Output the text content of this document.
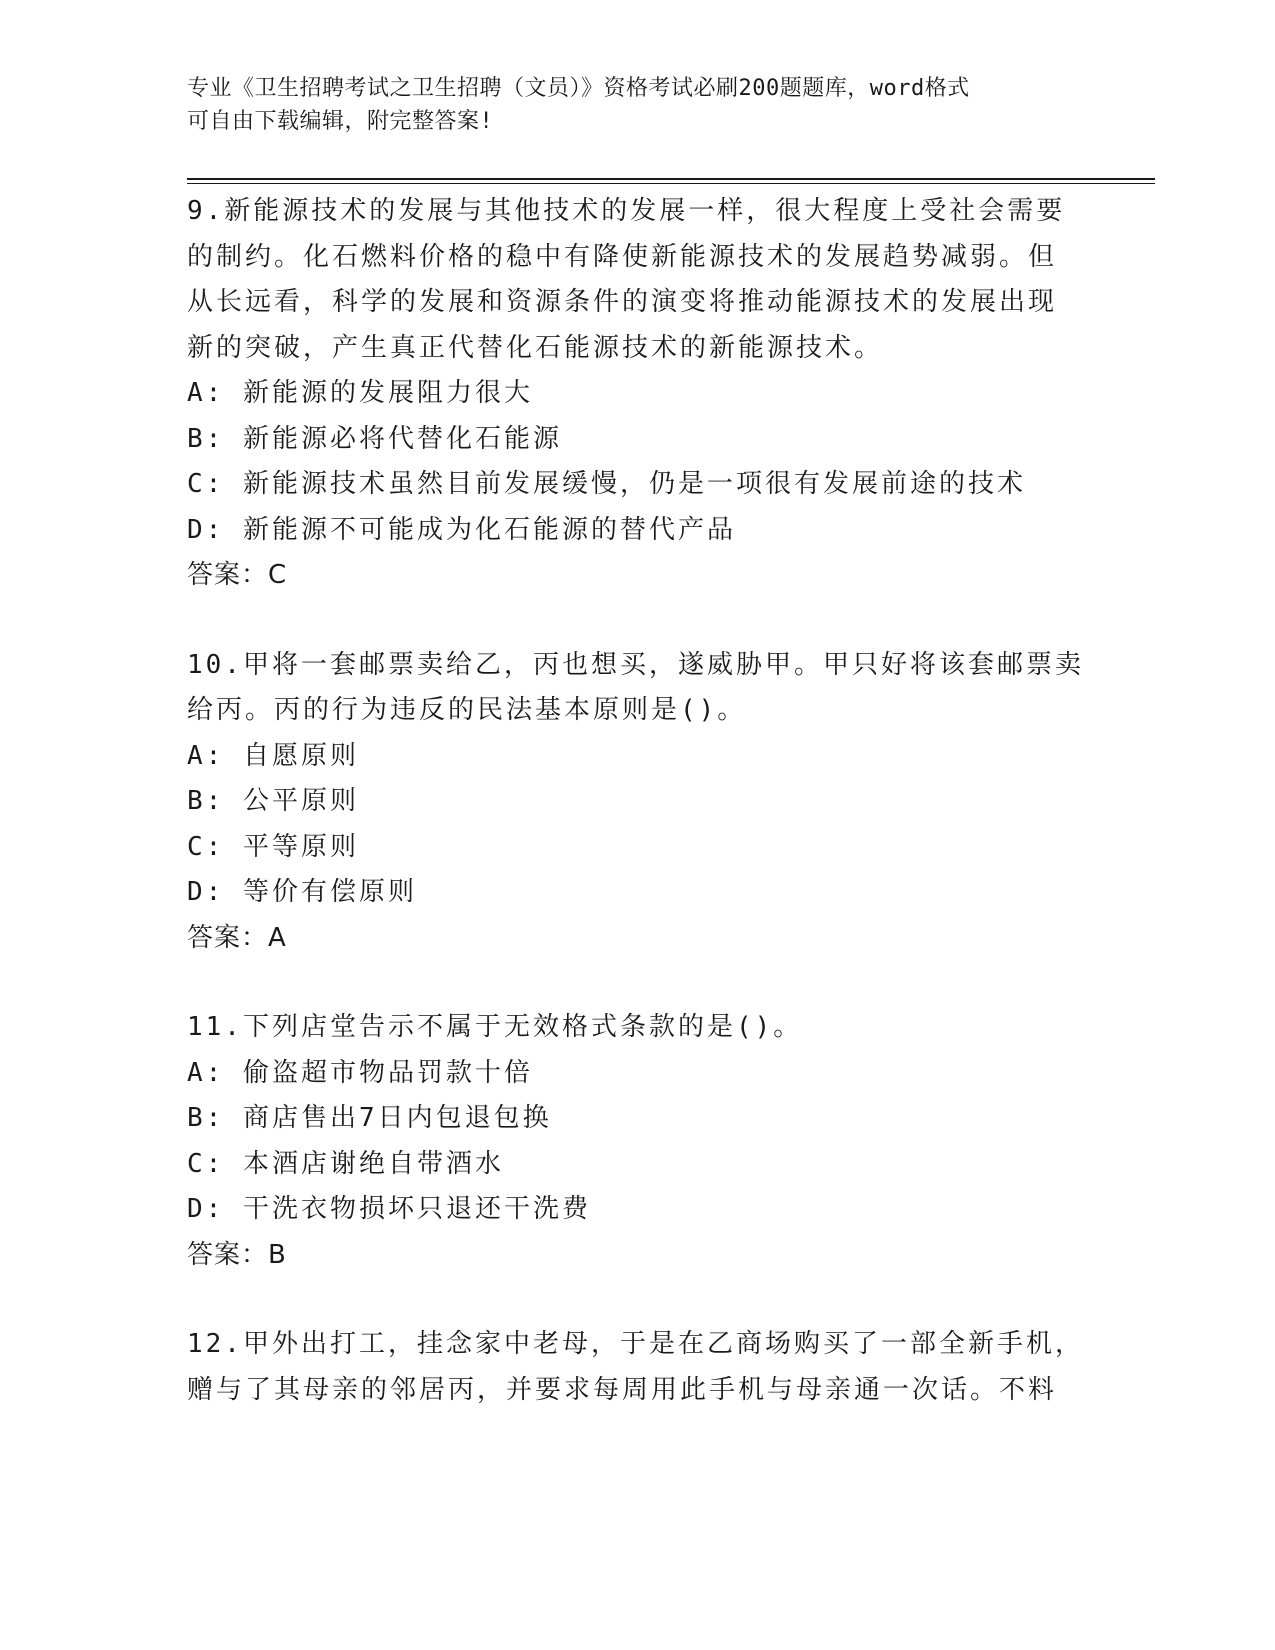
专业《卫生招聘考试之卫生招聘（文员）》资格考试必刷200题题库，word格式
可自由下载编辑，附完整答案!

9.新能源技术的发展与其他技术的发展一样，很大程度上受社会需要

的制约。化石燃料价格的稳中有降使新能源技术的发展趋势减弱。但

从长远看，科学的发展和资源条件的演变将推动能源技术的发展出现

新的突破，产生真正代替化石能源技术的新能源技术。

A: 新能源的发展阻力很大

B: 新能源必将代替化石能源

C: 新能源技术虽然目前发展缓慢，仍是一项很有发展前途的技术

D: 新能源不可能成为化石能源的替代产品

答案：C

10.甲将一套邮票卖给乙，丙也想买，遂威胁甲。甲只好将该套邮票卖

给丙。丙的行为违反的民法基本原则是()。

A: 自愿原则

B: 公平原则

C: 平等原则

D: 等价有偿原则

答案：A

11.下列店堂告示不属于无效格式条款的是()。

A: 偷盗超市物品罚款十倍

B: 商店售出7日内包退包换

C: 本酒店谢绝自带酒水

D: 干洗衣物损坏只退还干洗费

答案：B

12.甲外出打工，挂念家中老母，于是在乙商场购买了一部全新手机，

赠与了其母亲的邻居丙，并要求每周用此手机与母亲通一次话。不料
